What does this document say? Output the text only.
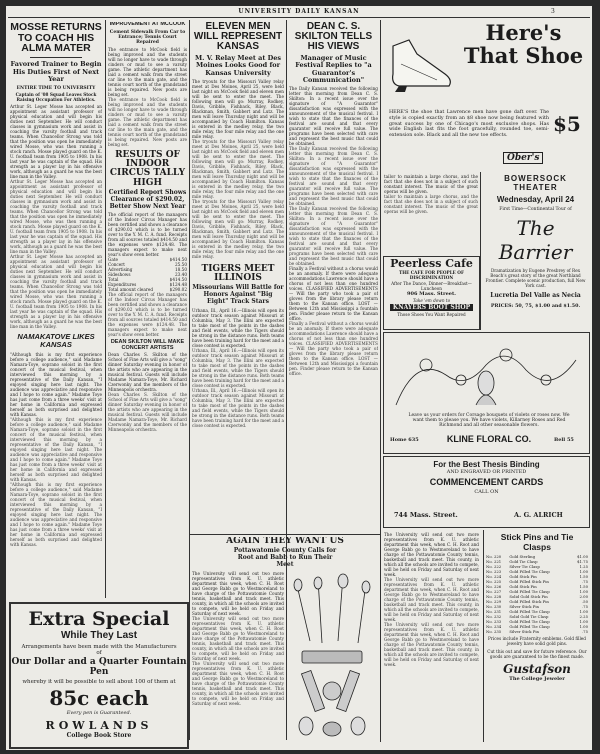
UNIVERSITY DAILY KANSAN	3
MOSSE RETURNS TO COACH HIS ALMA MATER
Favored Trainer to Begin His Duties First of Next Year
ENTIRE TIME TO UNIVERSITY
Captain of '08 Squad Leaves Stock Raising Occupation For Athletics.

Arthur St. Leger Mosse has accepted an appointment as assistant professor of physical education and will begin his duties next September. He will conduct classes in gymnasium work and assist in coaching the varsity football and track teams. When Chancellor Strong was told that the position was open he immediately wired Mosse, who was then running a stock ranch. Mosse played guard on the K. U. football team from 1905 to 1908. In his last year he was captain of the squad. His strength as a player lay in his offensive work, although as a guard he was the best line man in the Valley.

Arthur St. Leger Mosse has accepted an appointment as assistant professor of physical education and will begin his duties next September. He will conduct classes in gymnasium work and assist in coaching the varsity football and track teams. When Chancellor Strong was told that the position was open he immediately wired Mosse, who was then running a stock ranch. Mosse played guard on the K. U. football team from 1905 to 1908. In his last year he was captain of the squad. His strength as a player lay in his offensive work, although as a guard he was the best line man in the Valley.

Arthur St. Leger Mosse has accepted an appointment as assistant professor of physical education and will begin his duties next September. He will conduct classes in gymnasium work and assist in coaching the varsity football and track teams. When Chancellor Strong was told that the position was open he immediately wired Mosse, who was then running a stock ranch. Mosse played guard on the K. U. football team from 1905 to 1908. In his last year he was captain of the squad. His strength as a player lay in his offensive work, although as a guard he was the best line man in the Valley.

NAMAKATOVE LIKES KANSAS

"Although this is my first experience before a college audience," said Madame Namara-Toye, soprano soloist in the first concert of the musical festival, when interviewed this morning by a representative of the Daily Kansan, "I enjoyed singing here last night. The audience was appreciative and responsive and I hope to come again." Madame Toye has just come from a three weeks' visit at her home in California and expressed herself as both surprised and delighted with Kansas.

"Although this is my first experience before a college audience," said Madame Namara-Toye, soprano soloist in the first concert of the musical festival, when interviewed this morning by a representative of the Daily Kansan, "I enjoyed singing here last night. The audience was appreciative and responsive and I hope to come again." Madame Toye has just come from a three weeks' visit at her home in California and expressed herself as both surprised and delighted with Kansas.

"Although this is my first experience before a college audience," said Madame Namara-Toye, soprano soloist in the first concert of the musical festival, when interviewed this morning by a representative of the Daily Kansan, "I enjoyed singing here last night. The audience was appreciative and responsive and I hope to come again." Madame Toye has just come from a three weeks' visit at her home in California and expressed herself as both surprised and delighted with Kansas.

Extra Special
While They Last
Arrangements have been made with the Manufacturers of
Our Dollar and a Quarter Fountain Pen
whereby it will be possible to sell about 100 of them at
85c each
Every pen is Guaranteed.
ROWLANDS
College Book Store
IMPROVEMENT AT MCCOOK
Cement Sidewalk From Car to Entrance; Tennis Court Repaired

The entrance to McCook field is being improved and the students will no longer have to wade through cinders or mud to see a varsity game. The athletic department has laid a cement walk from the street car line to the main gate, and the tennis court north of the grandstand is being repaired. New posts are being set.

The entrance to McCook field is being improved and the students will no longer have to wade through cinders or mud to see a varsity game. The athletic department has laid a cement walk from the street car line to the main gate, and the tennis court north of the grandstand is being repaired. New posts are being set.

RESULTS OF INDOOR CIRCUS TALLY HIGH
Certified Report Shows Clearance of $290.02, Better Show Next Year

The official report of the managers of the Indoor Circus Manager has been certified and shows a clearance of $290.02 which is to be turned over to the Y. M. C. A. fund. Receipts from all sources totaled $414.50 and the expenses were $124.48. The managers expect to make next year's show even better.

Gate	$414.50
Concert	25.50
Advertising	18.50
Sideshows	23.40
Total	$414.50
Expenditures	$124.48
Total amount cleared	$290.02

The official report of the managers of the Indoor Circus Manager has been certified and shows a clearance of $290.02 which is to be turned over to the Y. M. C. A. fund. Receipts from all sources totaled $414.50 and the expenses were $124.48. The managers expect to make next year's show even better.

DEAN SKILTON WILL MAKE CONCERT ARTISTS

Dean Charles S. Skilton of the School of Fine Arts will give a "song" dinner Saturday evening in honor of the artists who are appearing in the musical festival. Guests will include Madame Namara-Toye, Mr. Richard Czerwonky and the members of the Minneapolis orchestra.

Dean Charles S. Skilton of the School of Fine Arts will give a "song" dinner Saturday evening in honor of the artists who are appearing in the musical festival. Guests will include Madame Namara-Toye, Mr. Richard Czerwonky and the members of the Minneapolis orchestra.

ELEVEN MEN WILL REPRESENT KANSAS
M. V. Relay Meet at Des Moines Looks Good for Kansas University

The tryouts for the Missouri Valley relay meet at Des Moines, April 25, were held last night on McCook field and eleven men will be sent to enter the meet. The following men will go: Murray, Rodkey, Davis, Gribble, Fishback, Riley, Black, Blackman, Smith, Gabbert and Lutz. The men will leave Thursday night and will be accompanied by Coach Hamilton. Kansas is entered in the medley relay, the two mile relay, the four mile relay and the one mile relay.

The tryouts for the Missouri Valley relay meet at Des Moines, April 25, were held last night on McCook field and eleven men will be sent to enter the meet. The following men will go: Murray, Rodkey, Davis, Gribble, Fishback, Riley, Black, Blackman, Smith, Gabbert and Lutz. The men will leave Thursday night and will be accompanied by Coach Hamilton. Kansas is entered in the medley relay, the two mile relay, the four mile relay and the one mile relay.

The tryouts for the Missouri Valley relay meet at Des Moines, April 25, were held last night on McCook field and eleven men will be sent to enter the meet. The following men will go: Murray, Rodkey, Davis, Gribble, Fishback, Riley, Black, Blackman, Smith, Gabbert and Lutz. The men will leave Thursday night and will be accompanied by Coach Hamilton. Kansas is entered in the medley relay, the two mile relay, the four mile relay and the one mile relay.

TIGERS MEET ILLINOIS
Missourians Will Battle for Honors Against "Big Eight" Track Stars

Urbana, Ill., April 16.—Illinois will open its outdoor track season against Missouri at Columbia, May 3. The Illini are expected to take most of the points in the dashes and field events, while the Tigers should be strong in the distance runs. Both teams have been training hard for the meet and a close contest is expected.

Urbana, Ill., April 16.—Illinois will open its outdoor track season against Missouri at Columbia, May 3. The Illini are expected to take most of the points in the dashes and field events, while the Tigers should be strong in the distance runs. Both teams have been training hard for the meet and a close contest is expected.

Urbana, Ill., April 16.—Illinois will open its outdoor track season against Missouri at Columbia, May 3. The Illini are expected to take most of the points in the dashes and field events, while the Tigers should be strong in the distance runs. Both teams have been training hard for the meet and a close contest is expected.

DEAN C. S. SKILTON TELLS HIS VIEWS
Manager of Music Festival Replies to "a Guarantor's Communication"

The Daily Kansan received the following letter this morning from Dean C. S. Skilton: In a recent issue over the signature of "A Guarantor" dissatisfaction was expressed with the announcement of the musical festival. I wish to state that the finances of the festival are sound and that every guarantor will receive full value. The programs have been selected with care and represent the best music that could be obtained.

The Daily Kansan received the following letter this morning from Dean C. S. Skilton: In a recent issue over the signature of "A Guarantor" dissatisfaction was expressed with the announcement of the musical festival. I wish to state that the finances of the festival are sound and that every guarantor will receive full value. The programs have been selected with care and represent the best music that could be obtained.

The Daily Kansan received the following letter this morning from Dean C. S. Skilton: In a recent issue over the signature of "A Guarantor" dissatisfaction was expressed with the announcement of the musical festival. I wish to state that the finances of the festival are sound and that every guarantor will receive full value. The programs have been selected with care and represent the best music that could be obtained.

Finally a Festival without a chorus would be an anomaly. If there were adequate accommodations Lawrence should have a chorus of not less than one hundred voices. CLASSIFIED ADVERTISEMENTS — Will the party who took a pair of gloves from the library please return them to the Kansan office. LOST — Between 12th and Mississippi a fountain pen. Finder please return to the Kansan office.

Finally a Festival without a chorus would be an anomaly. If there were adequate accommodations Lawrence should have a chorus of not less than one hundred voices. CLASSIFIED ADVERTISEMENTS — Will the party who took a pair of gloves from the library please return them to the Kansan office. LOST — Between 12th and Mississippi a fountain pen. Finder please return to the Kansan office.

AGAIN THEY WANT US
Pottawatomie County Calls for Root and Babb to Run Their Meet

The University will send out two more representatives from K. U. athletic department this week, when C. H. Root and George Babb go to Westmoreland to have charge of the Pottawatomie County tennis, basketball and track meet. This county, in which all the schools are invited to compete, will be held on Friday and Saturday of next week.

The University will send out two more representatives from K. U. athletic department this week, when C. H. Root and George Babb go to Westmoreland to have charge of the Pottawatomie County tennis, basketball and track meet. This county, in which all the schools are invited to compete, will be held on Friday and Saturday of next week.

The University will send out two more representatives from K. U. athletic department this week, when C. H. Root and George Babb go to Westmoreland to have charge of the Pottawatomie County tennis, basketball and track meet. This county, in which all the schools are invited to compete, will be held on Friday and Saturday of next week.

Here's That Shoe

HERE'S the shoe that Lawrence men have gone daft over. The style is copied exactly from an $8 shoe now being featured with great success by one of Chicago's most exclusive shops. Has wide English last fits the foot gracefully, rounded toe, semi-extension sole. Black and all the new toe effects.	$5
Ober's
BOWERSOCK THEATER
Wednesday, April 24
First Time—Continental Tour of
The Barrier

Dramatization by Eugene Presbrey of Rex Beach's great story of the great Northland Frontier. Complete scenic production, full New York cast.

Lucretia Del Valle as Necia
PRICES: 50, 75, $1.00 and $1.50.

tailor to maintain a large chorus, and the fact that she does not in a subject of such constant interest. The music of the great operas will be given.

tailor to maintain a large chorus, and the fact that she does not in a subject of such constant interest. The music of the great operas will be given.

Peerless Cafe
THE CAFE FOR PEOPLE OF DISCRIMINATION
After The Dance, Dinner—Breakfast—Luncheon
906 Mass. Street.
Take 'em down to
KNAYERS BOOT SHOP
Those Shoes You Want Repaired

Leave us your orders for Corsage bouquets of violets or roses now. We want them to please you. We have violets, Killarney Roses and Red Richmond and all other seasonable flowers.

Home 635	KLINE FLORAL CO.	Bell 55
For the Best Thesis Binding
AND ENGRAVED OR PRINTED
COMMENCEMENT CARDS
CALL ON
744 Mass. Street.	A. G. ALRICH
Stick Pins and Tie Clasps
No. 220	Gold Sterling	$1.00
No. 221	Gold Tie Clasp	$1.75
No. 222	Silver Tie Clasp	1.25
No. 223	Gold Filled Tie Clasp	1.00
No. 224	Gold Stick Pin	1.50
No. 225	Gold Filled Stick Pin	.75
No. 226	Gold Stick Pin	1.50
No. 227	Gold Filled Tie Clasp	1.00
No. 228	Solid Gold Stick Pin	2.00
No. 229	Gold Filled Stick Pin	.50
No. 230	Silver Stick Pin	.75
No. 231	Gold Filled Tie Clasp	1.00
No. 232	Solid Gold Tie Clasp	2.25
No. 233	Gold Filled Tie Clasp	1.00
No. 234	Gold Filled Tie Clasp	1.00
No. 235	Silver Stick Pin	.75

Prices include Fraternity emblems. Gold filled jewelry have solid gold pins.

Cut this out and save for future reference. Our goods are guaranteed to be the finest made.

Gustafson
The College Jeweler

The University will send out two more representatives from K. U. athletic department this week, when C. H. Root and George Babb go to Westmoreland to have charge of the Pottawatomie County tennis, basketball and track meet. This county, in which all the schools are invited to compete, will be held on Friday and Saturday of next week.

The University will send out two more representatives from K. U. athletic department this week, when C. H. Root and George Babb go to Westmoreland to have charge of the Pottawatomie County tennis, basketball and track meet. This county, in which all the schools are invited to compete, will be held on Friday and Saturday of next week.

The University will send out two more representatives from K. U. athletic department this week, when C. H. Root and George Babb go to Westmoreland to have charge of the Pottawatomie County tennis, basketball and track meet. This county, in which all the schools are invited to compete, will be held on Friday and Saturday of next week.
